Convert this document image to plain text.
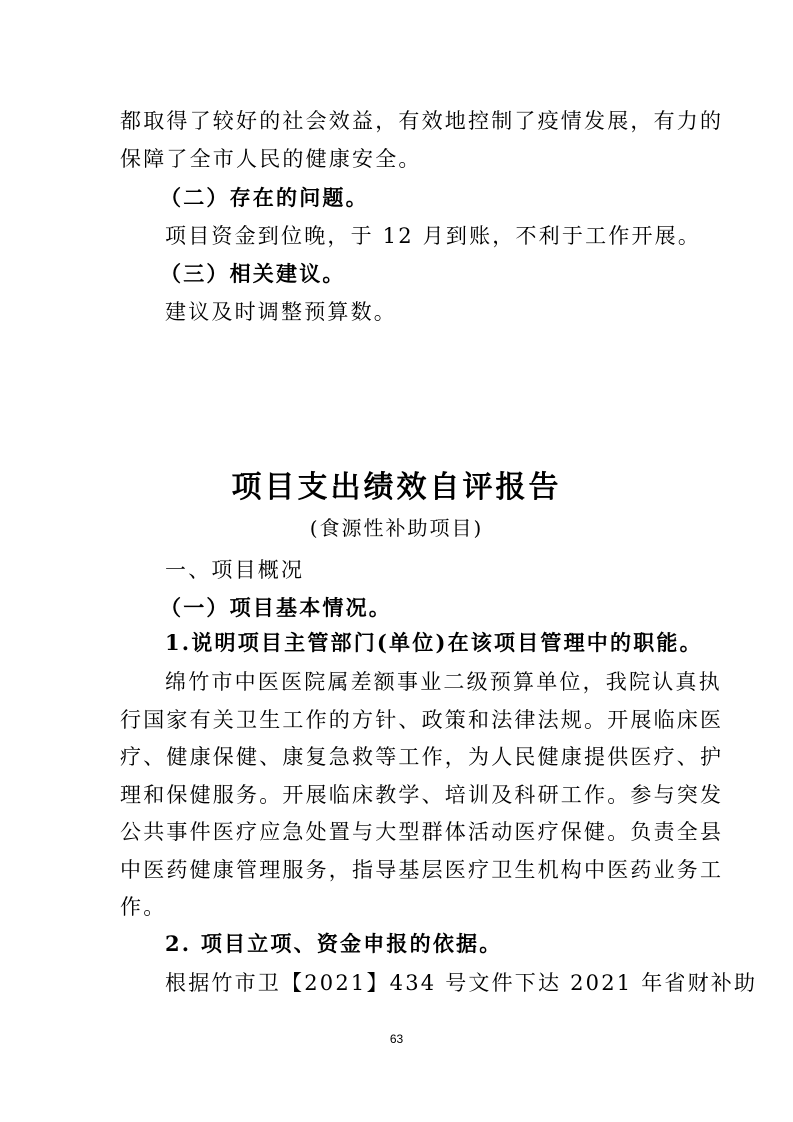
都取得了较好的社会效益，有效地控制了疫情发展，有力的
保障了全市人民的健康安全。
（二）存在的问题。
项目资金到位晚，于 12 月到账，不利于工作开展。
（三）相关建议。
建议及时调整预算数。
项目支出绩效自评报告
(食源性补助项目)
一、项目概况
（一）项目基本情况。
1.说明项目主管部门(单位)在该项目管理中的职能。
绵竹市中医医院属差额事业二级预算单位，我院认真执
行国家有关卫生工作的方针、政策和法律法规。开展临床医
疗、健康保健、康复急救等工作，为人民健康提供医疗、护
理和保健服务。开展临床教学、培训及科研工作。参与突发
公共事件医疗应急处置与大型群体活动医疗保健。负责全县
中医药健康管理服务，指导基层医疗卫生机构中医药业务工
作。
2. 项目立项、资金申报的依据。
根据竹市卫【2021】434 号文件下达 2021 年省财补助
63
